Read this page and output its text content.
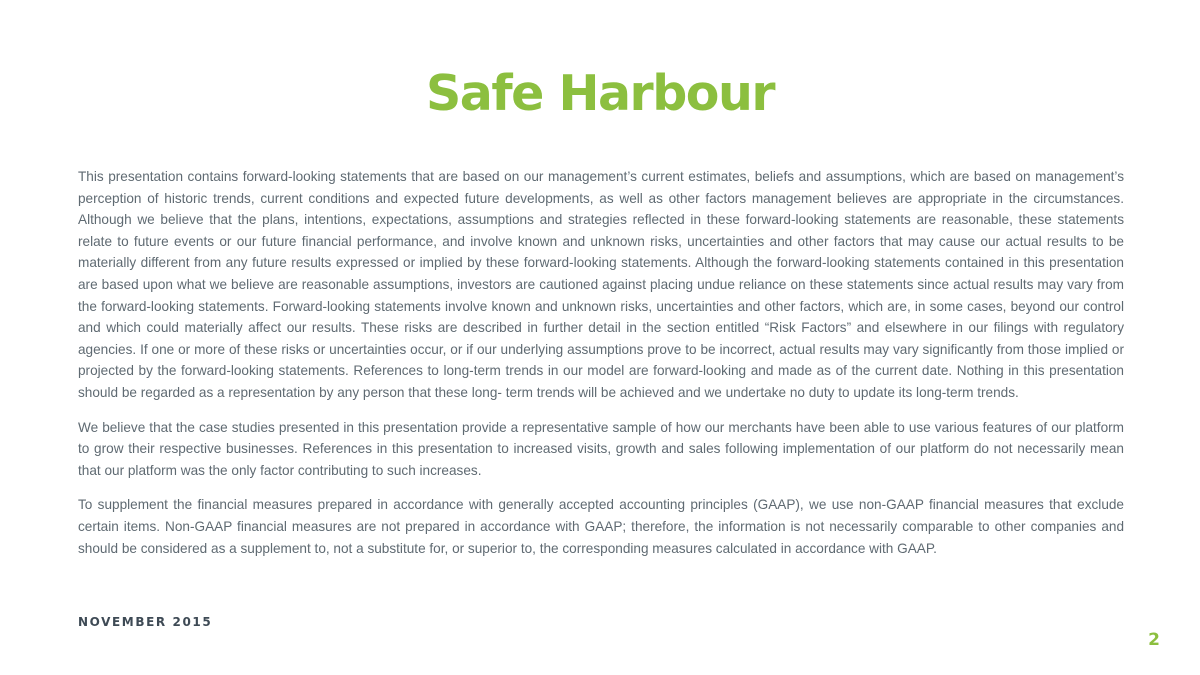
Safe Harbour

This presentation contains forward-looking statements that are based on our management’s current estimates, beliefs and assumptions, which are based on management’s perception of historic trends, current conditions and expected future developments, as well as other factors management believes are appropriate in the circumstances. Although we believe that the plans, intentions, expectations, assumptions and strategies reflected in these forward-looking statements are reasonable, these statements relate to future events or our future financial performance, and involve known and unknown risks, uncertainties and other factors that may cause our actual results to be materially different from any future results expressed or implied by these forward-looking statements. Although the forward-looking statements contained in this presentation are based upon what we believe are reasonable assumptions, investors are cautioned against placing undue reliance on these statements since actual results may vary from the forward-looking statements. Forward-looking statements involve known and unknown risks, uncertainties and other factors, which are, in some cases, beyond our control and which could materially affect our results. These risks are described in further detail in the section entitled “Risk Factors” and elsewhere in our filings with regulatory agencies. If one or more of these risks or uncertainties occur, or if our underlying assumptions prove to be incorrect, actual results may vary significantly from those implied or projected by the forward-looking statements. References to long-term trends in our model are forward-looking and made as of the current date. Nothing in this presentation should be regarded as a representation by any person that these long- term trends will be achieved and we undertake no duty to update its long-term trends.

We believe that the case studies presented in this presentation provide a representative sample of how our merchants have been able to use various features of our platform to grow their respective businesses. References in this presentation to increased visits, growth and sales following implementation of our platform do not necessarily mean that our platform was the only factor contributing to such increases.

To supplement the financial measures prepared in accordance with generally accepted accounting principles (GAAP), we use non-GAAP financial measures that exclude certain items. Non-GAAP financial measures are not prepared in accordance with GAAP; therefore, the information is not necessarily comparable to other companies and should be considered as a supplement to, not a substitute for, or superior to, the corresponding measures calculated in accordance with GAAP.

NOVEMBER 2015
2
